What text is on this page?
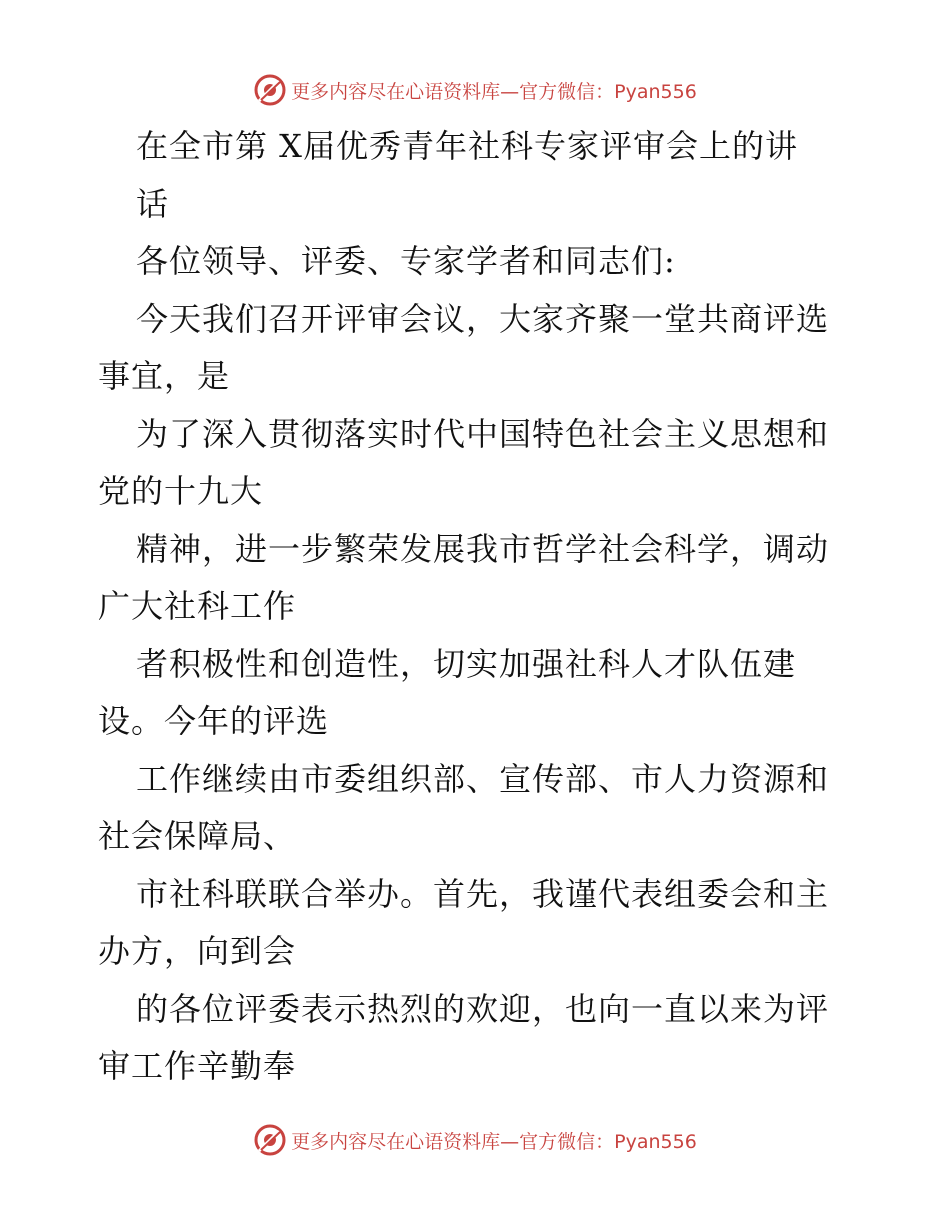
更多内容尽在心语资料库—官方微信：Pyan556
在全市第 X届优秀青年社科专家评审会上的讲
话
各位领导、评委、专家学者和同志们:
今天我们召开评审会议，大家齐聚一堂共商评选
事宜，是
为了深入贯彻落实时代中国特色社会主义思想和
党的十九大
精神，进一步繁荣发展我市哲学社会科学，调动
广大社科工作
者积极性和创造性，切实加强社科人才队伍建
设。今年的评选
工作继续由市委组织部、宣传部、市人力资源和
社会保障局、
市社科联联合举办。首先，我谨代表组委会和主
办方，向到会
的各位评委表示热烈的欢迎，也向一直以来为评
审工作辛勤奉
更多内容尽在心语资料库—官方微信：Pyan556
